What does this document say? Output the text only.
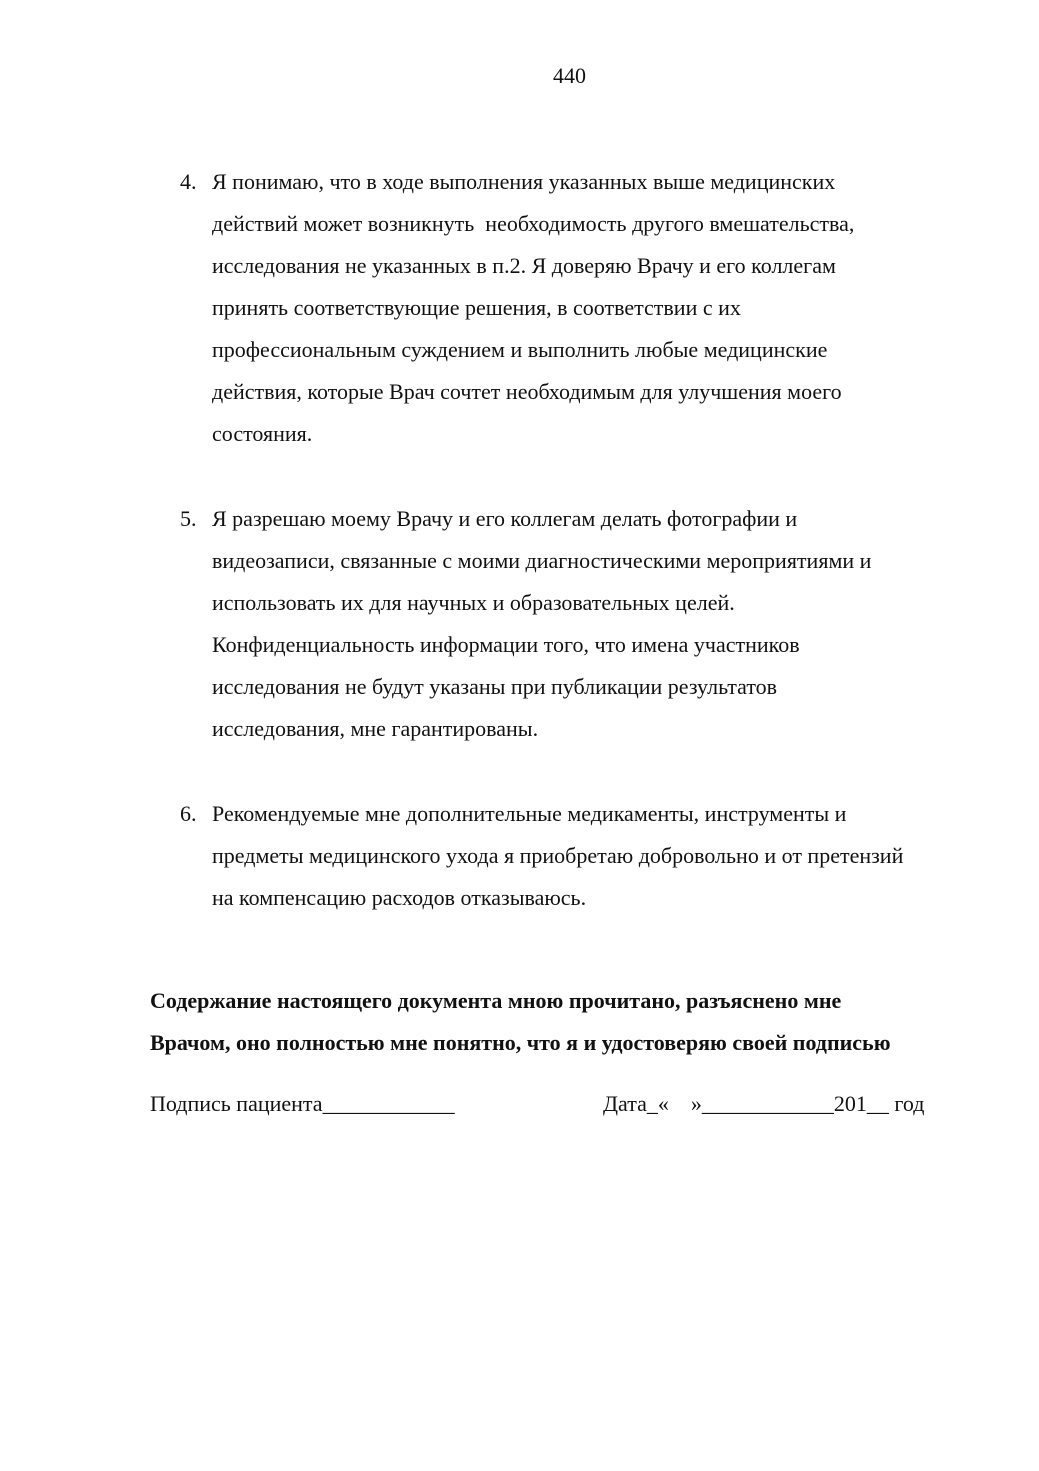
440
4. Я понимаю, что в ходе выполнения указанных выше медицинских
действий может возникнуть  необходимость другого вмешательства,
исследования не указанных в п.2. Я доверяю Врачу и его коллегам
принять соответствующие решения, в соответствии с их
профессиональным суждением и выполнить любые медицинские
действия, которые Врач сочтет необходимым для улучшения моего
состояния.
5. Я разрешаю моему Врачу и его коллегам делать фотографии и
видеозаписи, связанные с моими диагностическими мероприятиями и
использовать их для научных и образовательных целей.
Конфиденциальность информации того, что имена участников
исследования не будут указаны при публикации результатов
исследования, мне гарантированы.
6. Рекомендуемые мне дополнительные медикаменты, инструменты и
предметы медицинского ухода я приобретаю добровольно и от претензий
на компенсацию расходов отказываюсь.
Содержание настоящего документа мною прочитано, разъяснено мне
Врачом, оно полностью мне понятно, что я и удостоверяю своей подписью
Подпись пациента____________	Дата_«    »____________201__ год
